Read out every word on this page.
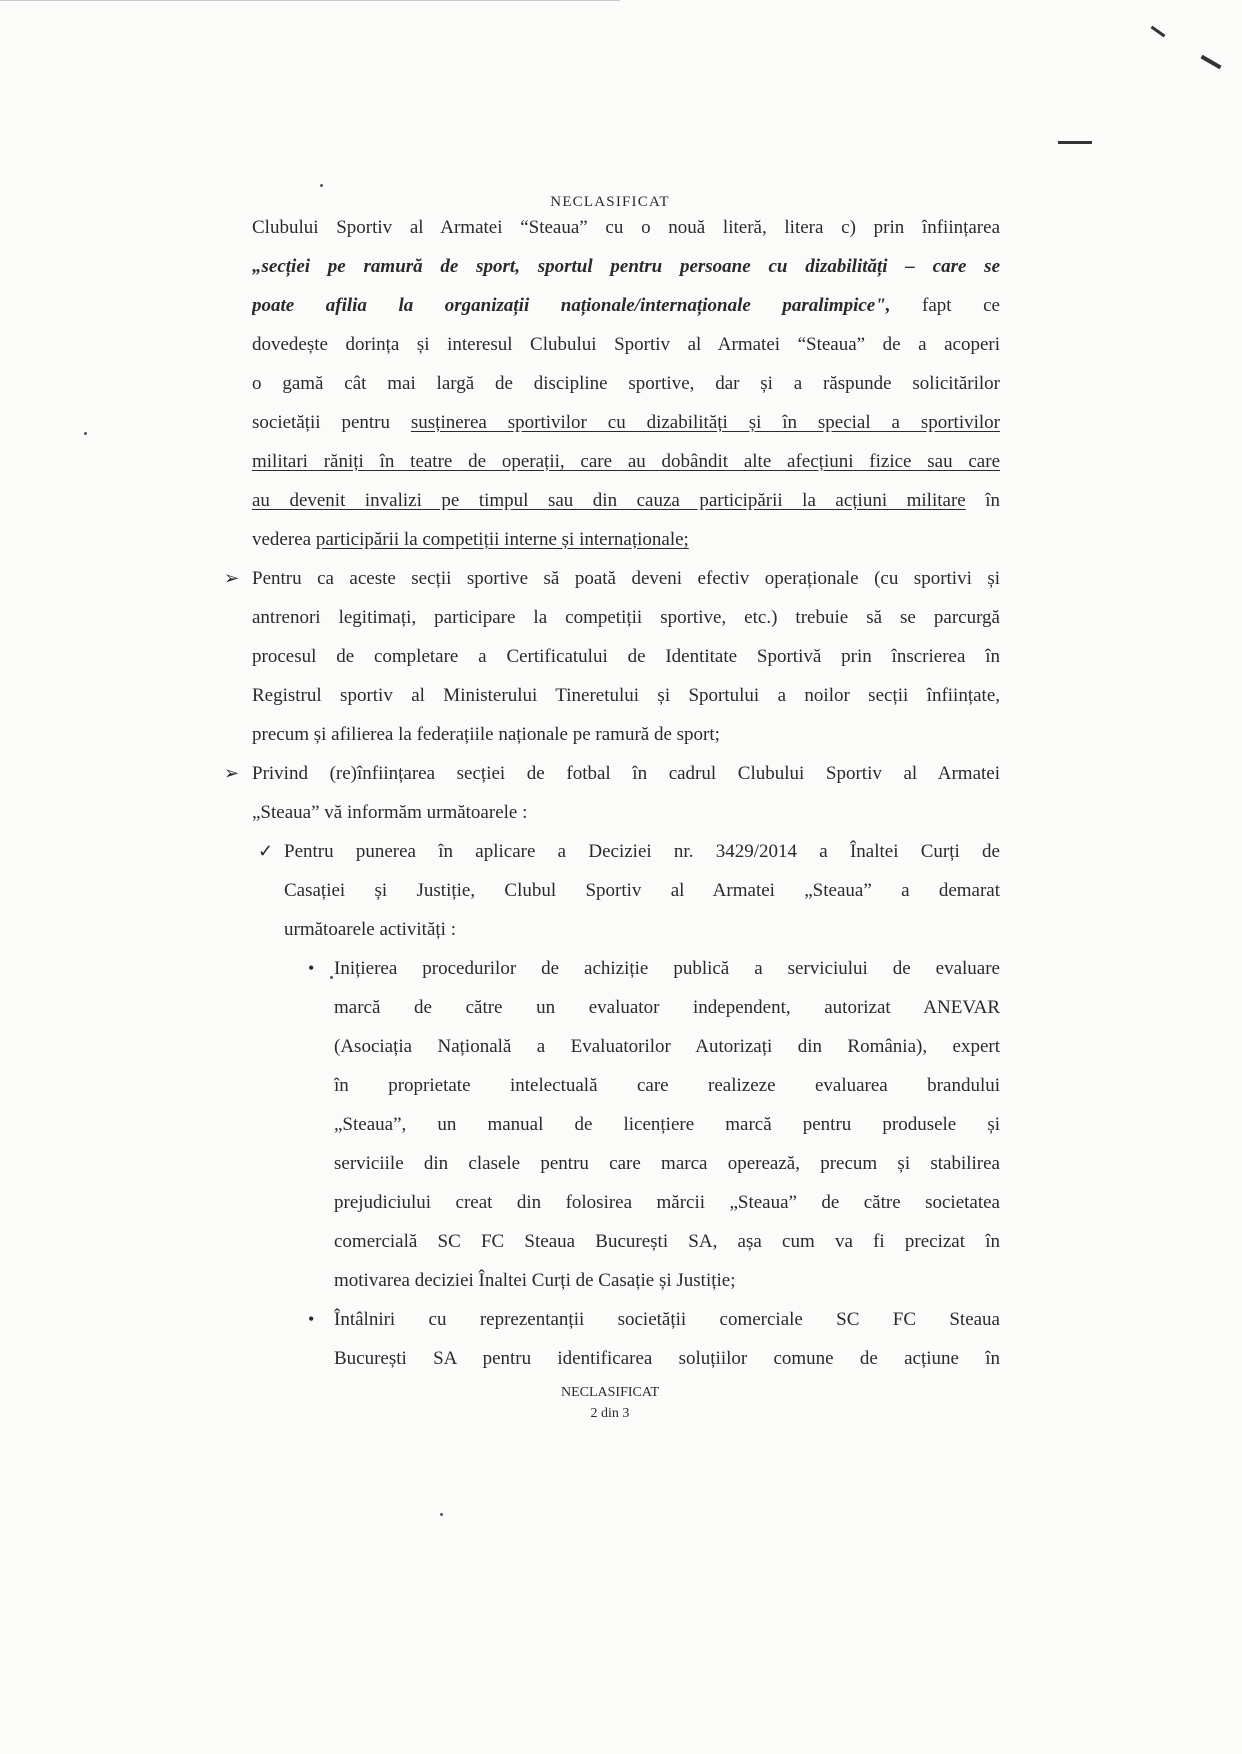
NECLASIFICAT
Clubului Sportiv al Armatei “Steaua” cu o nouă literă, litera c) prin înființarea
„secției pe ramură de sport, sportul pentru persoane cu dizabilități – care se
poate afilia la organizații naționale/internaționale paralimpice", fapt ce
dovedește dorința și interesul Clubului Sportiv al Armatei “Steaua” de a acoperi
o gamă cât mai largă de discipline sportive, dar și a răspunde solicitărilor
societății pentru susținerea sportivilor cu dizabilități și în special a sportivilor
militari răniți în teatre de operații, care au dobândit alte afecțiuni fizice sau care
au devenit invalizi pe timpul sau din cauza participării la acțiuni militare în
vederea participării la competiții interne și internaționale;
➢ Pentru ca aceste secții sportive să poată deveni efectiv operaționale (cu sportivi și
antrenori legitimați, participare la competiții sportive, etc.) trebuie să se parcurgă
procesul de completare a Certificatului de Identitate Sportivă prin înscrierea în
Registrul sportiv al Ministerului Tineretului și Sportului a noilor secții înființate,
precum și afilierea la federațiile naționale pe ramură de sport;
➢ Privind (re)înființarea secției de fotbal în cadrul Clubului Sportiv al Armatei
„Steaua” vă informăm următoarele :
✓ Pentru punerea în aplicare a Deciziei nr. 3429/2014 a Înaltei Curți de
Casației și Justiție, Clubul Sportiv al Armatei „Steaua” a demarat
următoarele activități :
•	Inițierea procedurilor de achiziție publică a serviciului de evaluare
marcă de către un evaluator independent, autorizat ANEVAR
(Asociația Națională a Evaluatorilor Autorizați din România), expert
în proprietate intelectuală care realizeze evaluarea brandului
„Steaua”, un manual de licențiere marcă pentru produsele și
serviciile din clasele pentru care marca operează, precum și stabilirea
prejudiciului creat din folosirea mărcii „Steaua” de către societatea
comercială SC FC Steaua București SA, așa cum va fi precizat în
motivarea deciziei Înaltei Curți de Casație și Justiție;
•	Întâlniri cu reprezentanții societății comerciale SC FC Steaua
București SA pentru identificarea soluțiilor comune de acțiune în
NECLASIFICAT
2 din 3
